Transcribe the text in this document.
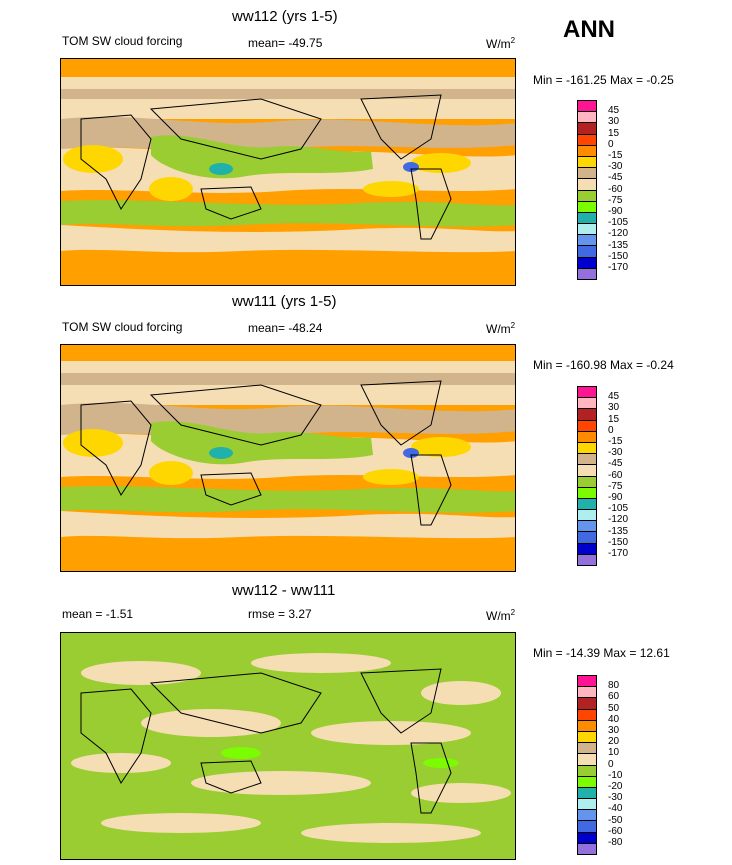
ANN
ww112 (yrs 1-5)
TOM SW cloud forcing	mean= -49.75	$W/m^2$
Min = -161.25 Max = -0.25
ww111 (yrs 1-5)
TOM SW cloud forcing	mean= -48.24	$W/m^2$
Min = -160.98 Max = -0.24
ww112 - ww111
mean = -1.51	rmse = 3.27	$W/m^2$
Min = -14.39 Max = 12.61
45
30
15
0
-15
-30
-45
-60
-75
-90
-105
-120
-135
-150
-170
45
30
15
0
-15
-30
-45
-60
-75
-90
-105
-120
-135
-150
-170
80
60
50
40
30
20
10
0
-10
-20
-30
-40
-50
-60
-80
